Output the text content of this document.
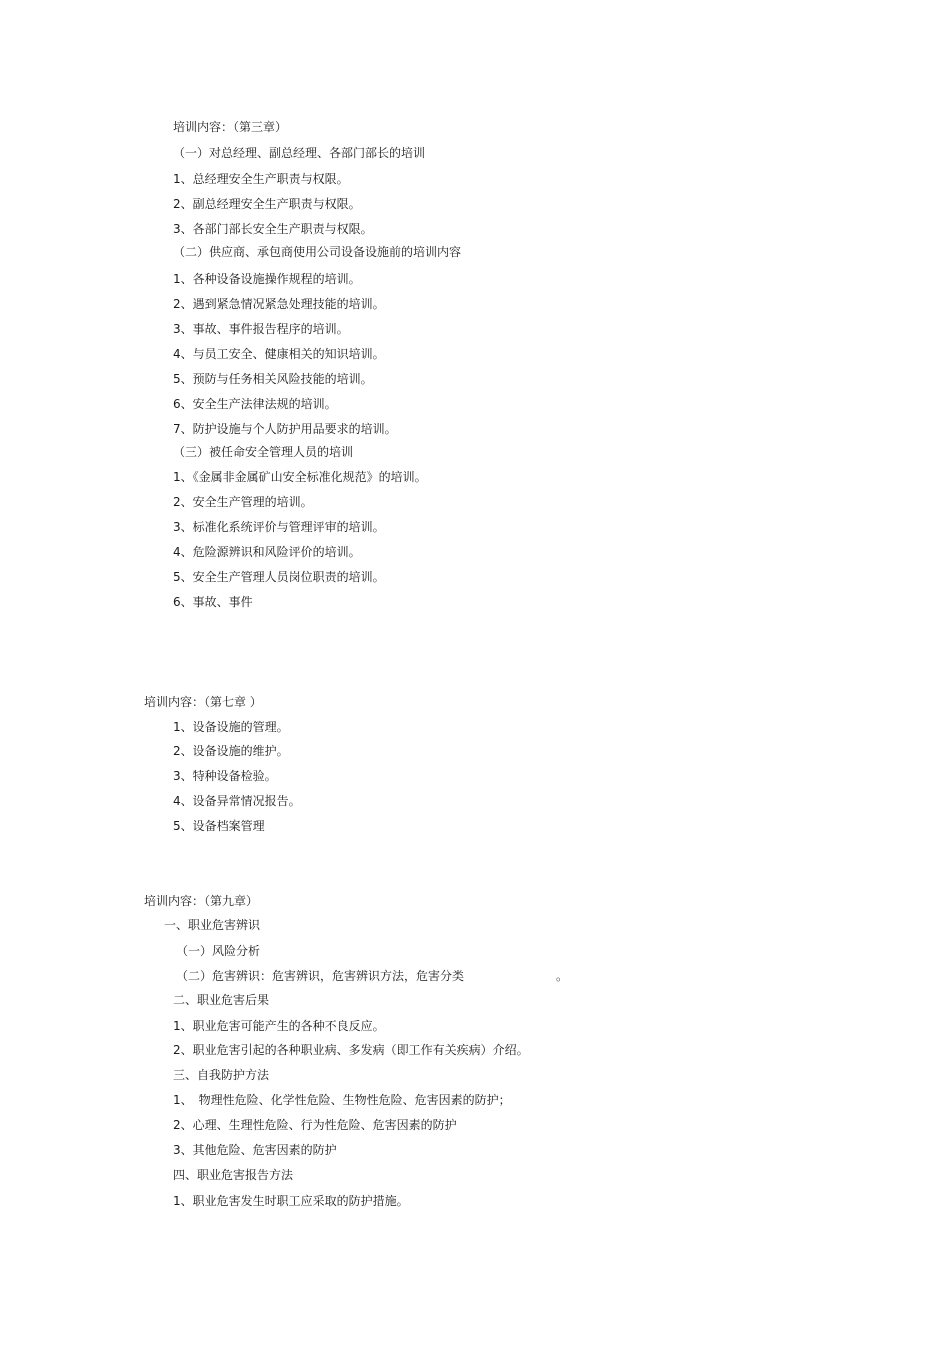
培训内容：（第三章）
（一）对总经理、副总经理、各部门部长的培训
1、总经理安全生产职责与权限。
2、副总经理安全生产职责与权限。
3、各部门部长安全生产职责与权限。
（二）供应商、承包商使用公司设备设施前的培训内容
1、各种设备设施操作规程的培训。
2、遇到紧急情况紧急处理技能的培训。
3、事故、事件报告程序的培训。
4、与员工安全、健康相关的知识培训。
5、预防与任务相关风险技能的培训。
6、安全生产法律法规的培训。
7、防护设施与个人防护用品要求的培训。
（三）被任命安全管理人员的培训
1、《金属非金属矿山安全标准化规范》的培训。
2、安全生产管理的培训。
3、标准化系统评价与管理评审的培训。
4、危险源辨识和风险评价的培训。
5、安全生产管理人员岗位职责的培训。
6、事故、事件
培训内容：（第七章 ）
1、设备设施的管理。
2、设备设施的维护。
3、特种设备检验。
4、设备异常情况报告。
5、设备档案管理
培训内容：（第九章）
一、职业危害辨识
（一）风险分析
（二）危害辨识：危害辨识，危害辨识方法，危害分类	。
二、职业危害后果
1、职业危害可能产生的各种不良反应。
2、职业危害引起的各种职业病、多发病（即工作有关疾病）介绍。
三、自我防护方法
1、　物理性危险、化学性危险、生物性危险、危害因素的防护；
2、心理、生理性危险、行为性危险、危害因素的防护
3、其他危险、危害因素的防护
四、职业危害报告方法
1、职业危害发生时职工应采取的防护措施。
